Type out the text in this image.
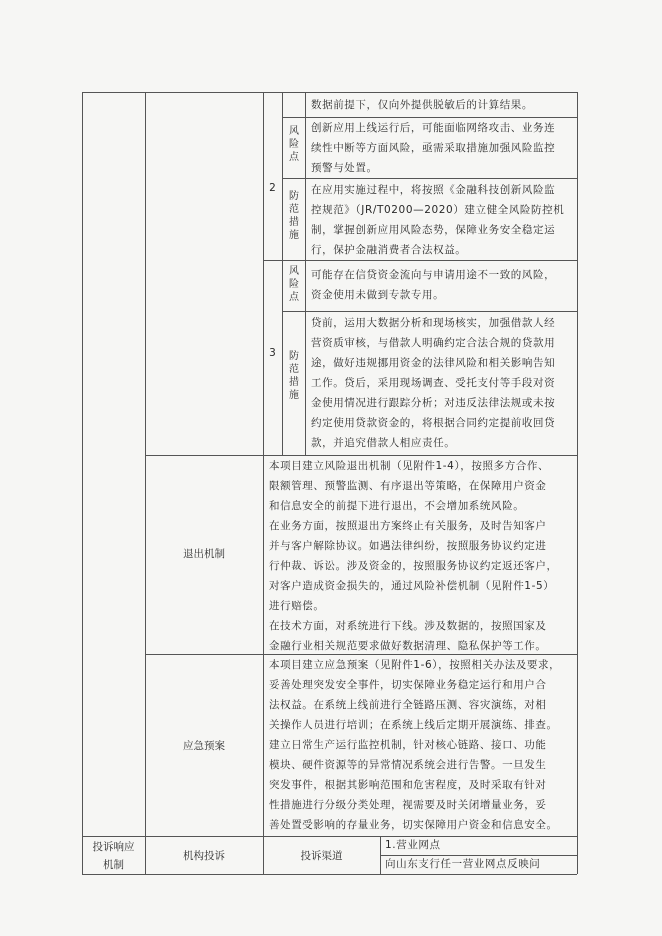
数据前提下，仅向外提供脱敏后的计算结果。
2
风险点
创新应用上线运行后，可能面临网络攻击、业务连
续性中断等方面风险，亟需采取措施加强风险监控
预警与处置。
防范措施
在应用实施过程中，将按照《金融科技创新风险监
控规范》（JR/T0200—2020）建立健全风险防控机
制，掌握创新应用风险态势，保障业务安全稳定运
行，保护金融消费者合法权益。
3
风险点
可能存在信贷资金流向与申请用途不一致的风险，
资金使用未做到专款专用。
防范措施
贷前，运用大数据分析和现场核实，加强借款人经
营资质审核，与借款人明确约定合法合规的贷款用
途，做好违规挪用资金的法律风险和相关影响告知
工作。贷后，采用现场调查、受托支付等手段对资
金使用情况进行跟踪分析；对违反法律法规或未按
约定使用贷款资金的，将根据合同约定提前收回贷
款，并追究借款人相应责任。
退出机制
本项目建立风险退出机制（见附件1-4），按照多方合作、
限额管理、预警监测、有序退出等策略，在保障用户资金
和信息安全的前提下进行退出，不会增加系统风险。
在业务方面，按照退出方案终止有关服务，及时告知客户
并与客户解除协议。如遇法律纠纷，按照服务协议约定进
行仲裁、诉讼。涉及资金的，按照服务协议约定返还客户，
对客户造成资金损失的，通过风险补偿机制（见附件1-5）
进行赔偿。
在技术方面，对系统进行下线。涉及数据的，按照国家及
金融行业相关规范要求做好数据清理、隐私保护等工作。
应急预案
本项目建立应急预案（见附件1-6），按照相关办法及要求，
妥善处理突发安全事件，切实保障业务稳定运行和用户合
法权益。在系统上线前进行全链路压测、容灾演练，对相
关操作人员进行培训；在系统上线后定期开展演练、排查。
建立日常生产运行监控机制，针对核心链路、接口、功能
模块、硬件资源等的异常情况系统会进行告警。一旦发生
突发事件，根据其影响范围和危害程度，及时采取有针对
性措施进行分级分类处理，视需要及时关闭增量业务，妥
善处置受影响的存量业务，切实保障用户资金和信息安全。
投诉响应
机制
机构投诉	投诉渠道
1.营业网点
向山东支行任一营业网点反映问
